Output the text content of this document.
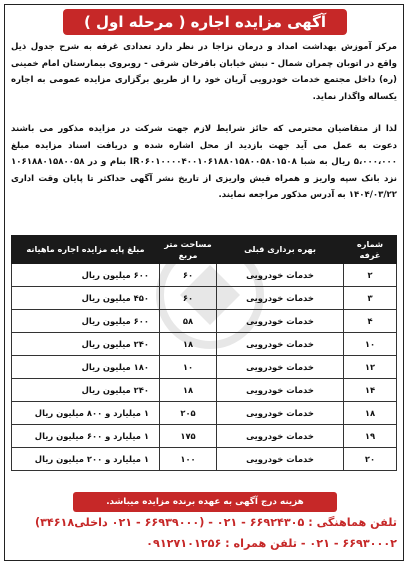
آگهی مزایده اجاره ( مرحله اول )

مرکز آموزش بهداشت امداد و درمان نزاجا در نظر دارد تعدادی غرفه به شرح جدول ذیل واقع در اتوبان چمران شمال - نبش خیابان باقرخان شرقی - روبروی بیمارستان امام خمینی (ره) داخل مجتمع خدمات خودرویی آریان خود را از طریق برگزاری مزایده عمومی به اجاره یکساله واگذار نماید.

لذا از متقاضیان محترمی که حائز شرایط لازم جهت شرکت در مزایده مذکور می باشند دعوت به عمل می آید جهت بازدید از محل اشاره شده و دریافت اسناد مزایده مبلغ ۵،۰۰۰،۰۰۰ ریال به شبا IR۰۶۰۱۰۰۰۰۴۰۰۱۰۶۱۸۸۰۱۵۸۰۰۵۸۰۱۵۰۸ بنام و در ۱۰۶۱۸۸۰۱۵۸۰۰۵۸ نزد بانک سپه واریز و همراه فیش واریزی از تاریخ نشر آگهی حداکثر تا پایان وقت اداری ۱۴۰۴/۰۳/۲۲ به آدرس مذکور مراجعه نمایند.

شماره غرفه	بهره برداری قبلی	مساحت متر مربع	مبلغ پایه مزایده اجاره ماهیانه
۲	خدمات خودرویی	۶۰	۶۰۰ میلیون ریال
۳	خدمات خودرویی	۶۰	۴۵۰ میلیون ریال
۴	خدمات خودرویی	۵۸	۶۰۰ میلیون ریال
۱۰	خدمات خودرویی	۱۸	۲۴۰ میلیون ریال
۱۲	خدمات خودرویی	۱۰	۱۸۰ میلیون ریال
۱۴	خدمات خودرویی	۱۸	۲۴۰ میلیون ریال
۱۸	خدمات خودرویی	۲۰۵	۱ میلیارد و ۸۰۰ میلیون ریال
۱۹	خدمات خودرویی	۱۷۵	۱ میلیارد و ۶۰۰ میلیون ریال
۲۰	خدمات خودرویی	۱۰۰	۱ میلیارد و ۲۰۰ میلیون ریال
هزینه درج آگهی به عهده برنده مزایده میباشد.

تلفن هماهنگی : ۶۶۹۲۴۳۰۵ - ۰۲۱ - (۶۶۹۳۹۰۰۰ - ۰۲۱ داخلی۳۴۶۱۸)

۶۶۹۳۰۰۰۲ - ۰۲۱ - تلفن همراه : ۰۹۱۲۷۱۰۱۲۵۶
